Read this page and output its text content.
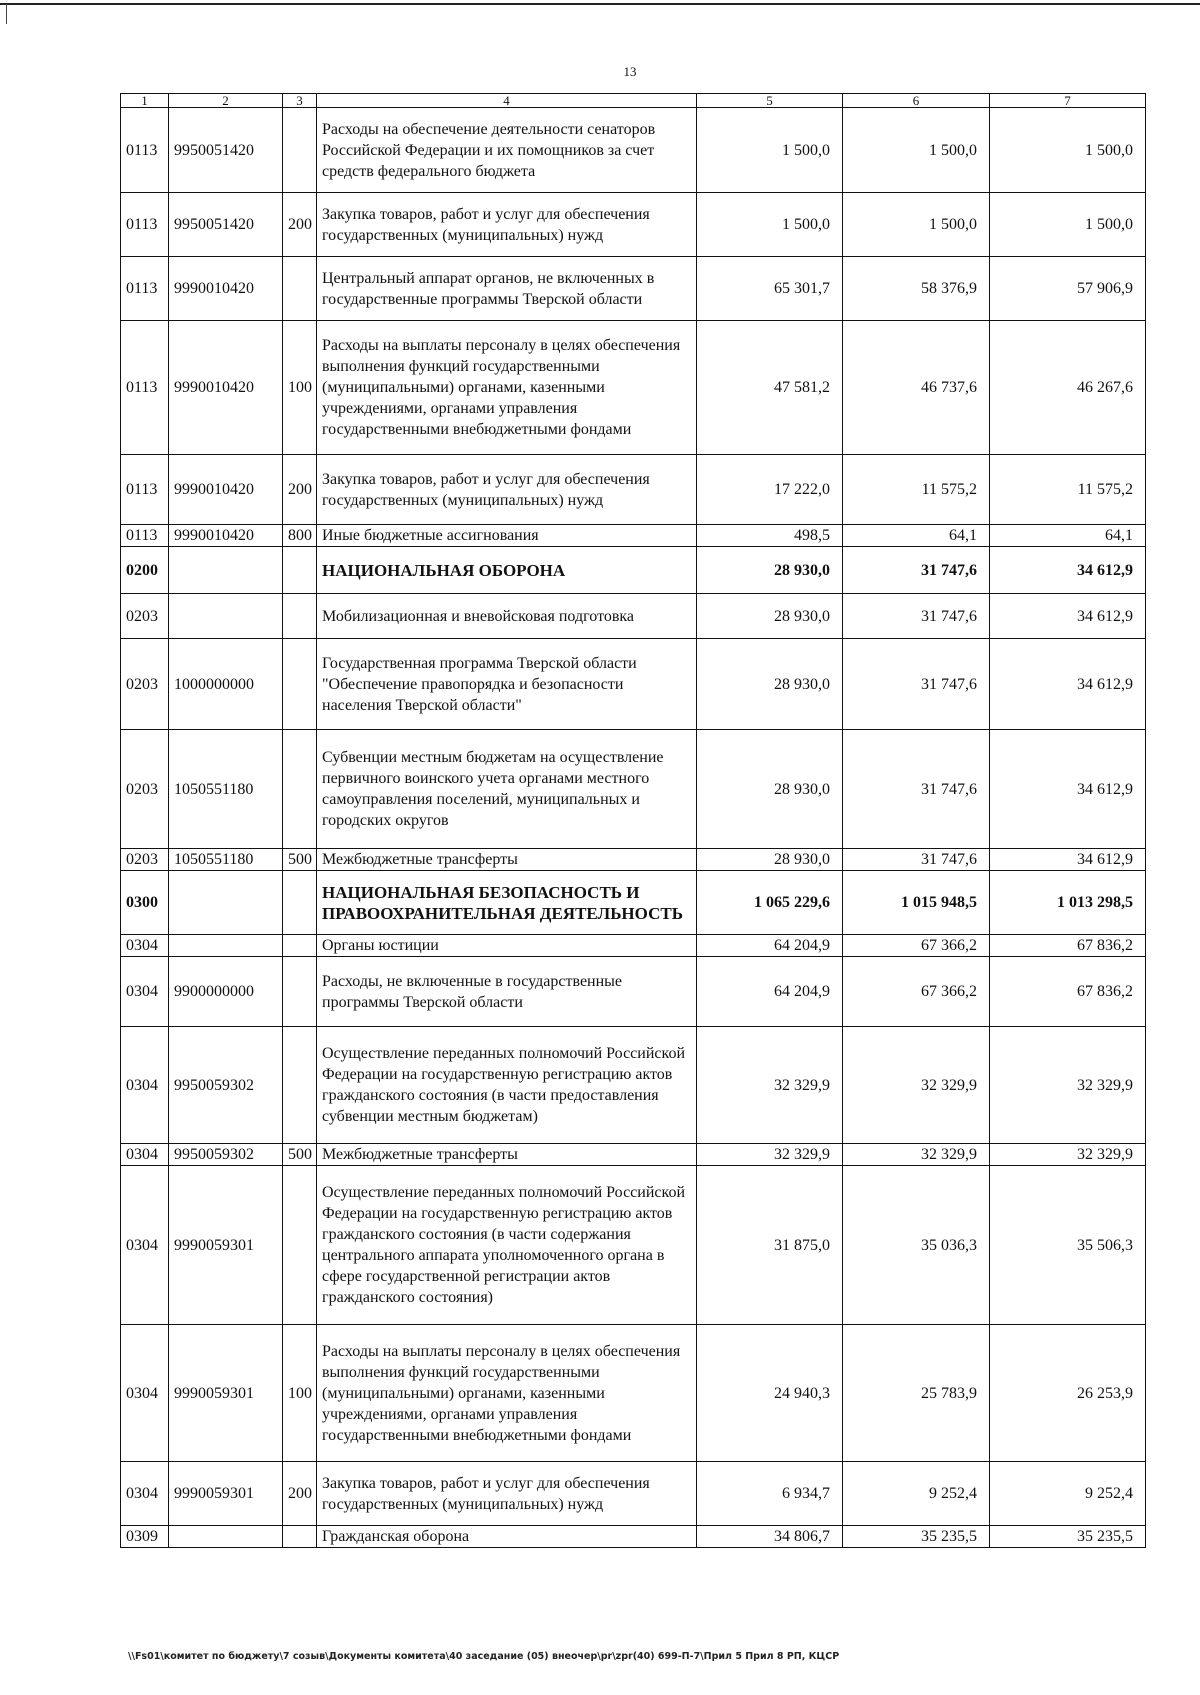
13
1	2	3	4	5	6	7
0113	9950051420		Расходы на обеспечение деятельности сенаторов Российской Федерации и их помощников за счет средств федерального бюджета	1 500,0	1 500,0	1 500,0
0113	9950051420	200	Закупка товаров, работ и услуг для обеспечения государственных (муниципальных) нужд	1 500,0	1 500,0	1 500,0
0113	9990010420		Центральный аппарат органов, не включенных в государственные программы Тверской области	65 301,7	58 376,9	57 906,9
0113	9990010420	100	Расходы на выплаты персоналу в целях обеспечения выполнения функций государственными (муниципальными) органами, казенными учреждениями, органами управления государственными внебюджетными фондами	47 581,2	46 737,6	46 267,6
0113	9990010420	200	Закупка товаров, работ и услуг для обеспечения государственных (муниципальных) нужд	17 222,0	11 575,2	11 575,2
0113	9990010420	800	Иные бюджетные ассигнования	498,5	64,1	64,1
0200			НАЦИОНАЛЬНАЯ ОБОРОНА	28 930,0	31 747,6	34 612,9
0203			Мобилизационная и вневойсковая подготовка	28 930,0	31 747,6	34 612,9
0203	1000000000		Государственная программа Тверской области "Обеспечение правопорядка и безопасности населения Тверской области"	28 930,0	31 747,6	34 612,9
0203	1050551180		Субвенции местным бюджетам на осуществление первичного воинского учета органами местного самоуправления поселений, муниципальных и городских округов	28 930,0	31 747,6	34 612,9
0203	1050551180	500	Межбюджетные трансферты	28 930,0	31 747,6	34 612,9
0300			НАЦИОНАЛЬНАЯ БЕЗОПАСНОСТЬ И ПРАВООХРАНИТЕЛЬНАЯ ДЕЯТЕЛЬНОСТЬ	1 065 229,6	1 015 948,5	1 013 298,5
0304			Органы юстиции	64 204,9	67 366,2	67 836,2
0304	9900000000		Расходы, не включенные в государственные программы Тверской области	64 204,9	67 366,2	67 836,2
0304	9950059302		Осуществление переданных полномочий Российской Федерации на государственную регистрацию актов гражданского состояния (в части предоставления субвенции местным бюджетам)	32 329,9	32 329,9	32 329,9
0304	9950059302	500	Межбюджетные трансферты	32 329,9	32 329,9	32 329,9
0304	9990059301		Осуществление переданных полномочий Российской Федерации на государственную регистрацию актов гражданского состояния (в части содержания центрального аппарата уполномоченного органа в сфере государственной регистрации актов гражданского состояния)	31 875,0	35 036,3	35 506,3
0304	9990059301	100	Расходы на выплаты персоналу в целях обеспечения выполнения функций государственными (муниципальными) органами, казенными учреждениями, органами управления государственными внебюджетными фондами	24 940,3	25 783,9	26 253,9
0304	9990059301	200	Закупка товаров, работ и услуг для обеспечения государственных (муниципальных) нужд	6 934,7	9 252,4	9 252,4
0309			Гражданская оборона	34 806,7	35 235,5	35 235,5
\\Fs01\комитет по бюджету\7 созыв\Документы комитета\40 заседание (05) внеочер\pr\zpr(40) 699-П-7\Прил 5 Прил 8 РП, КЦСР
